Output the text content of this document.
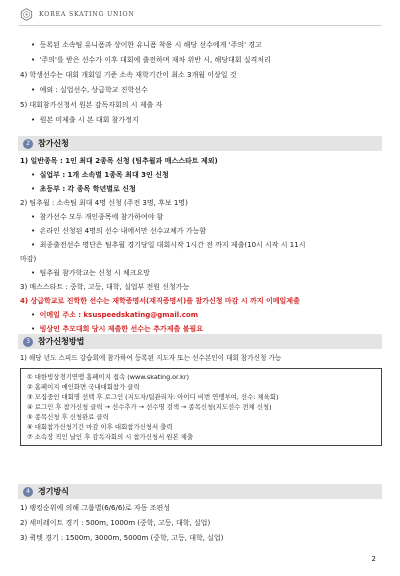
KOREA SKATING UNION
• 등록된 소속팀 유니폼과 상이한 유니폼 착용 시 해당 선수에게 '주의' 경고
• '주의'를 받은 선수가 이후 대회에 출전하며 재차 위반 시, 해당대회 실격처리
4) 학생선수는 대회 개회일 기준 소속 재학기간이 최소 3개월 이상일 것
• 예외 : 실업선수, 상급학교 진학선수
5) 대회참가신청서 원본 감독자회의 시 제출 자
• 원본 미제출 시 본 대회 참가정지
2	참가신청
1) 일반종목 : 1인 최대 2종목 신청 (팀추월과 매스스타트 제외)
• 실업부 : 1개 소속별 1종목 최대 3인 신청
• 초등부 : 각 종목 학년별로 신청
2) 팀추월 : 소속팀 최대 4명 신청 (주전 3명, 후보 1명)
• 참가선수 모두 개인종목에 참가하여야 함
• 온라인 신청된 4명의 선수 내에서만 선수교체가 가능함
• 최종출전선수 명단은 팀추월 경기당일 대회시작 1시간 전 까지 제출(10시 시작 시 11시
마감)
• 팀추월 참가학교는 신청 시 체크요망
3) 매스스타트 : 중학, 고등, 대학, 실업부 전원 신청가능
4) 상급학교로 진학한 선수는 재학증명서(재직증명서)를 참가신청 마감 시 까지 이메일제출
• 이메일 주소 : ksuspeedskating@gmail.com
• 빙상인 추모대회 당시 제출한 선수는 추가제출 불필요
3	참가신청방법
1) 해당 년도 스피드 강습회에 참가하여 등록된 지도자 또는 선수본인이 대회 참가신청 가능
① 대한빙상경기연맹 홈페이지 접속 (www.skating.or.kr)
② 홈페이지 메인화면 국내대회참가 클릭
③ 모집중인 대회명 선택 후 로그인 (지도자/팀관리자: 아이디 비번 연맹부여, 선수: 체육회)
④ 로그인 후 참가신청 클릭 → 선수추가 → 선수명 검색 → 종목신청(지도선수 전체 신청)
⑤ 종목신청 후 신청완료 클릭
⑥ 대회참가신청기간 마감 이후 대회참가신청서 출력
⑦ 소속장 직인 날인 후 감독자회의 시 참가신청서 원본 제출
4	경기방식
1) 랭킹순위에 의해 그룹별(6/6/6)로 자동 조편성
2) 세미레이트 경기 : 500m, 1000m (중학, 고등, 대학, 실업)
3) 퀵텟 경기 : 1500m, 3000m, 5000m (중학, 고등, 대학, 실업)
2
